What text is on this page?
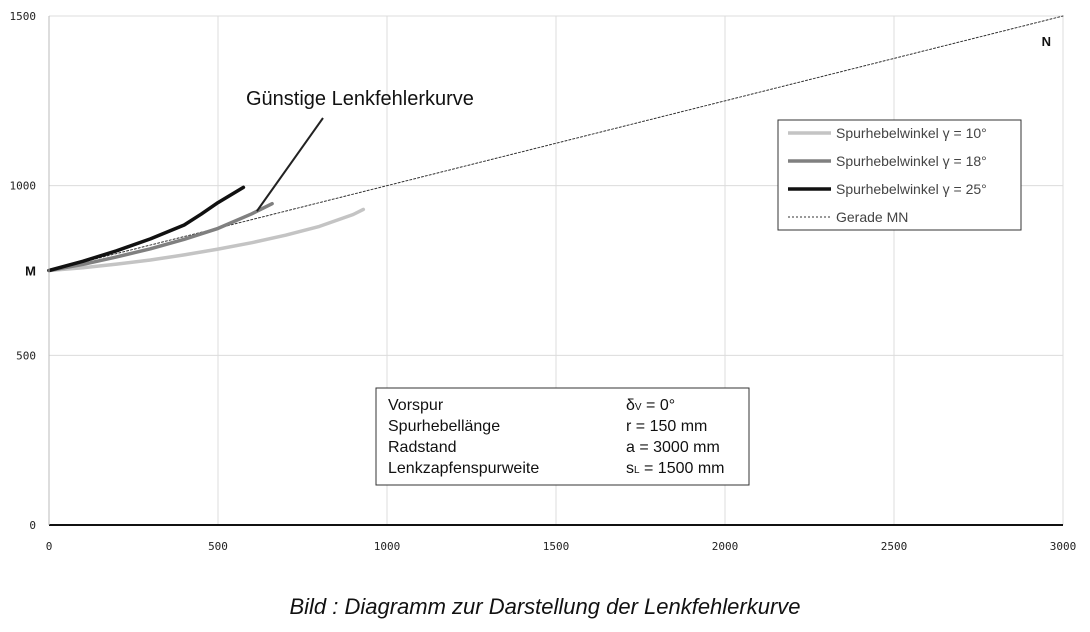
0	500	1000	1500	2000	2500	3000
0
500
1000
1500
M
N
Günstige Lenkfehlerkurve
Spurhebelwinkel γ = 10°
Spurhebelwinkel γ = 18°
Spurhebelwinkel γ = 25°
Gerade MN
Vorspur	δV = 0°
Spurhebellänge	r = 150 mm
Radstand	a = 3000 mm
Lenkzapfenspurweite	sL = 1500 mm
Bild : Diagramm zur Darstellung der Lenkfehlerkurve
